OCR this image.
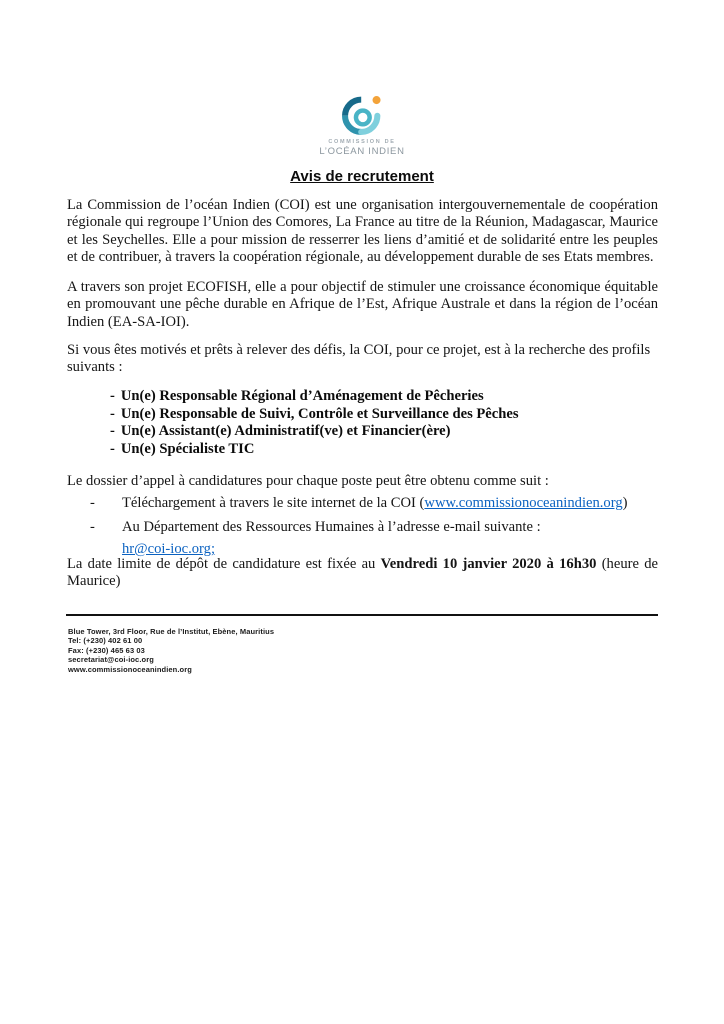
COMMISSION DE
L’OCÉAN INDIEN
Avis de recrutement

La Commission de l’océan Indien (COI) est une organisation intergouvernementale de coopération régionale qui regroupe l’Union des Comores, La France au titre de la Réunion, Madagascar, Maurice et les Seychelles. Elle a pour mission de resserrer les liens d’amitié et de solidarité entre les peuples et de contribuer, à travers la coopération régionale, au développement durable de ses Etats membres.

A travers son projet ECOFISH, elle a pour objectif de stimuler une croissance économique équitable en promouvant une pêche durable en Afrique de l’Est, Afrique Australe et dans la région de l’océan Indien (EA-SA-IOI).

Si vous êtes motivés et prêts à relever des défis, la COI, pour ce projet, est à la recherche des profils suivants :

- Un(e) Responsable Régional d’Aménagement de Pêcheries
- Un(e) Responsable de Suivi, Contrôle et Surveillance des Pêches
- Un(e) Assistant(e) Administratif(ve) et Financier(ère)
- Un(e) Spécialiste TIC

Le dossier d’appel à candidatures pour chaque poste peut être obtenu comme suit :

- Téléchargement à travers le site internet de la COI (www.commissionoceanindien.org)
- Au Département des Ressources Humaines à l’adresse e-mail suivante :
hr@coi-ioc.org;

La date limite de dépôt de candidature est fixée au Vendredi 10 janvier 2020 à 16h30 (heure de Maurice)

Blue Tower, 3rd Floor, Rue de l’Institut, Ebène, Mauritius
Tel: (+230) 402 61 00
Fax: (+230) 465 63 03
secretariat@coi-ioc.org
www.commissionoceanindien.org
